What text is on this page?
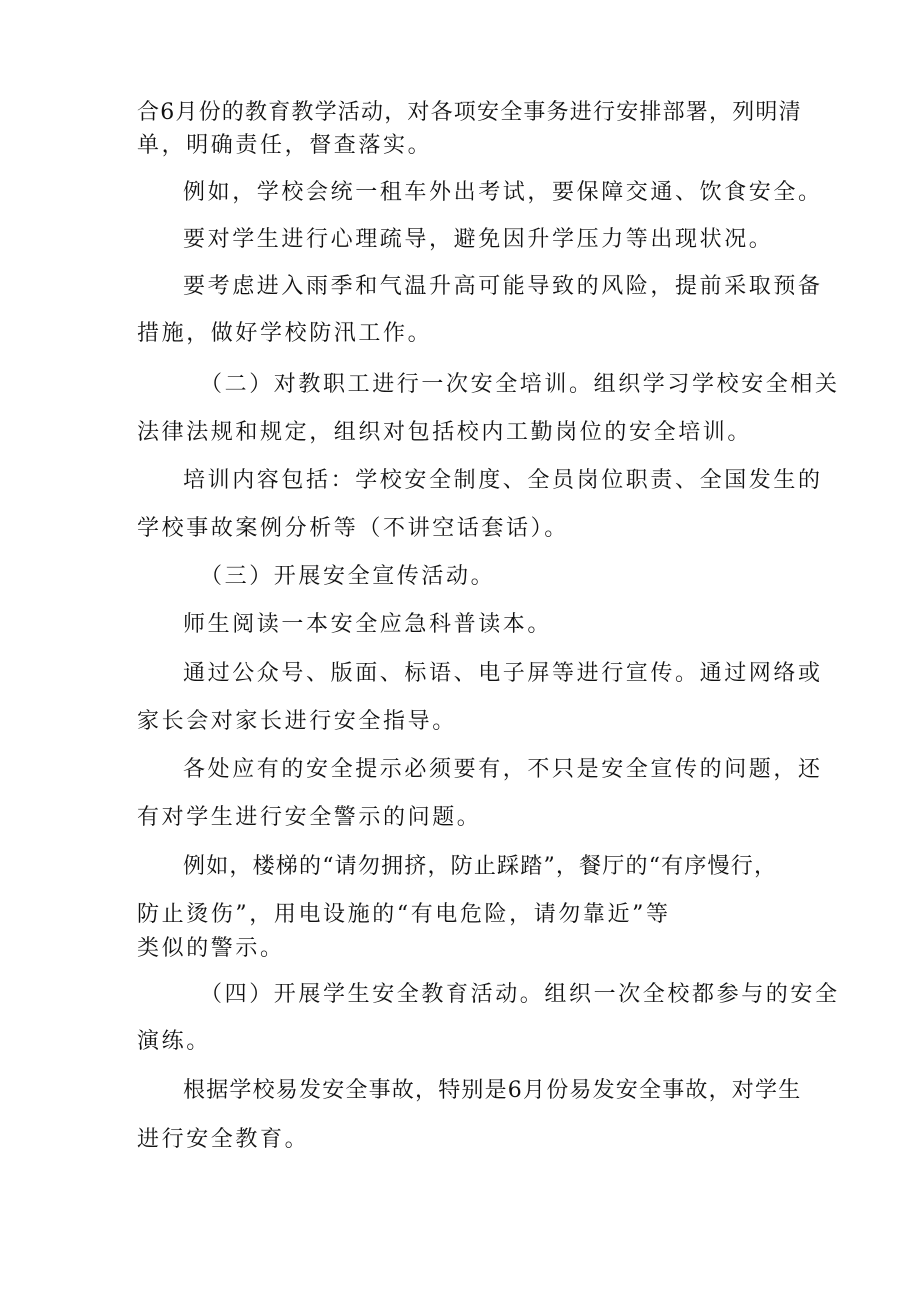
合6月份的教育教学活动，对各项安全事务进行安排部署，列明清
单，明确责任，督查落实。
例如，学校会统一租车外出考试，要保障交通、饮食安全。
要对学生进行心理疏导，避免因升学压力等出现状况。
要考虑进入雨季和气温升高可能导致的风险，提前采取预备
措施，做好学校防汛工作。
（二）对教职工进行一次安全培训。组织学习学校安全相关
法律法规和规定，组织对包括校内工勤岗位的安全培训。
培训内容包括：学校安全制度、全员岗位职责、全国发生的
学校事故案例分析等（不讲空话套话）。
（三）开展安全宣传活动。
师生阅读一本安全应急科普读本。
通过公众号、版面、标语、电子屏等进行宣传。通过网络或
家长会对家长进行安全指导。
各处应有的安全提示必须要有，不只是安全宣传的问题，还
有对学生进行安全警示的问题。
例如，楼梯的“请勿拥挤，防止踩踏”，餐厅的“有序慢行，
防止烫伤”，用电设施的“有电危险，请勿靠近”等
类似的警示。
（四）开展学生安全教育活动。组织一次全校都参与的安全
演练。
根据学校易发安全事故，特别是6月份易发安全事故，对学生
进行安全教育。
